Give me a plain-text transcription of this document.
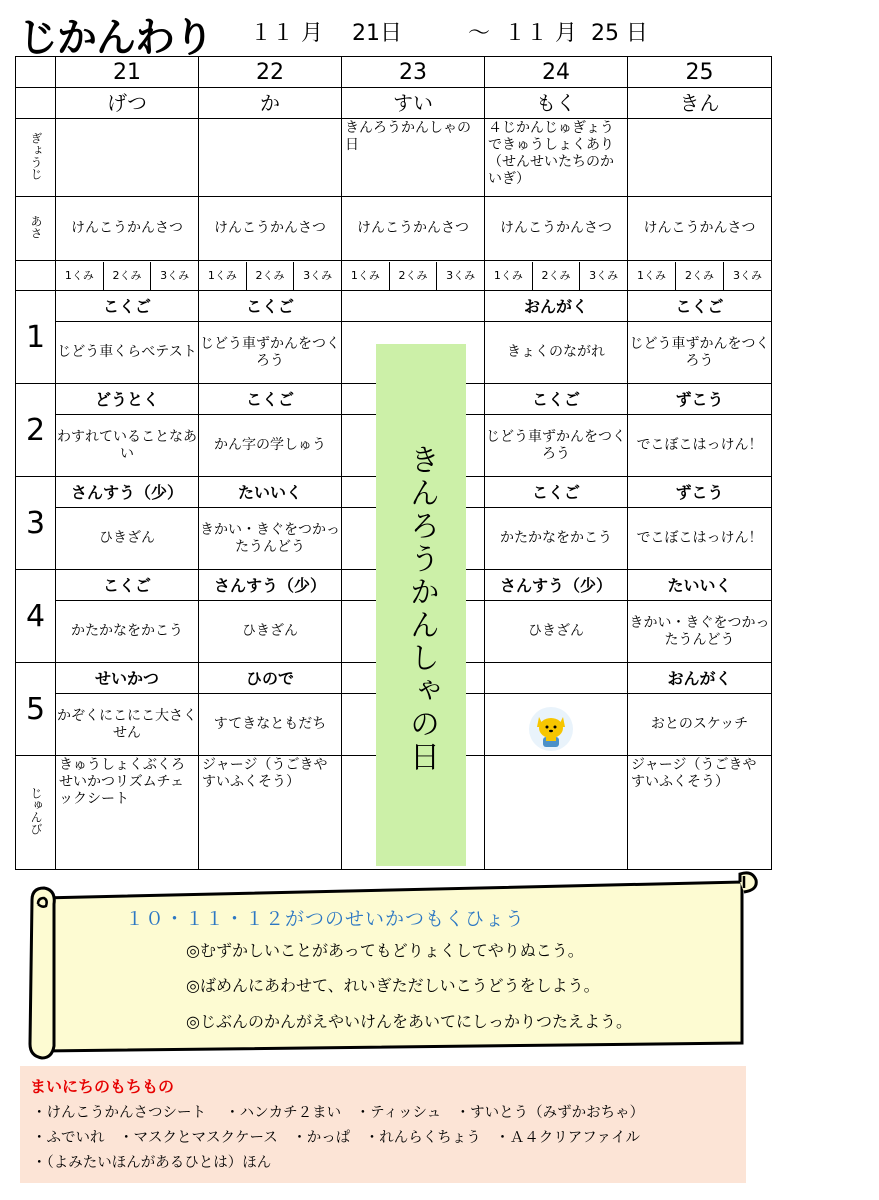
じかんわり １１ 月　 21日　　　～  １１ 月  25 日
	21	22	23	24	25
	げつ	か	すい	もく	きん
ぎょうじ			きんろうかんしゃの日	４じかんじゅぎょうできゅうしょくあり（せんせいたちのかいぎ）	
あさ	けんこうかんさつ	けんこうかんさつ	けんこうかんさつ	けんこうかんさつ	けんこうかんさつ

	1くみ 2くみ 3くみ	1くみ 2くみ 3くみ	1くみ 2くみ 3くみ	1くみ 2くみ 3くみ	1くみ 2くみ 3くみ

1	こくご	こくご		おんがく	こくご
	じどう車くらべテスト	じどう車ずかんをつくろう		きょくのながれ	じどう車ずかんをつくろう
2	どうとく	こくご		こくご	ずこう
	わすれていることなあい	かん字の学しゅう		じどう車ずかんをつくろう	でこぼこはっけん！
3	さんすう（少）	たいいく		こくご	ずこう
	ひきざん	きかい・きぐをつかったうんどう		かたかなをかこう	でこぼこはっけん！
4	こくご	さんすう（少）		さんすう（少）	たいいく
	かたかなをかこう	ひきざん		ひきざん	きかい・きぐをつかったうんどう
5	せいかつ	ひので			おんがく
	かぞくにこにこ大さくせん	すてきなともだち			おとのスケッチ
じゅんび	きゅうしょくぶくろ せいかつリズムチェックシート	ジャージ（うごきやすいふくそう）			ジャージ（うごきやすいふくそう）
きんろうかんしゃの日
１０・１１・１２がつのせいかつもくひょう
◎むずかしいことがあってもどりょくしてやりぬこう。
◎ばめんにあわせて、れいぎただしいこうどうをしよう。
◎じぶんのかんがえやいけんをあいてにしっかりつたえよう。
まいにちのもちもの
・けんこうかんさつシート　 ・ハンカチ２まい　・ティッシュ　・すいとう（みずかおちゃ）
・ふでいれ　・マスクとマスクケース　・かっぱ　・れんらくちょう　・Ａ４クリアファイル
・（よみたいほんがあるひとは）ほん
